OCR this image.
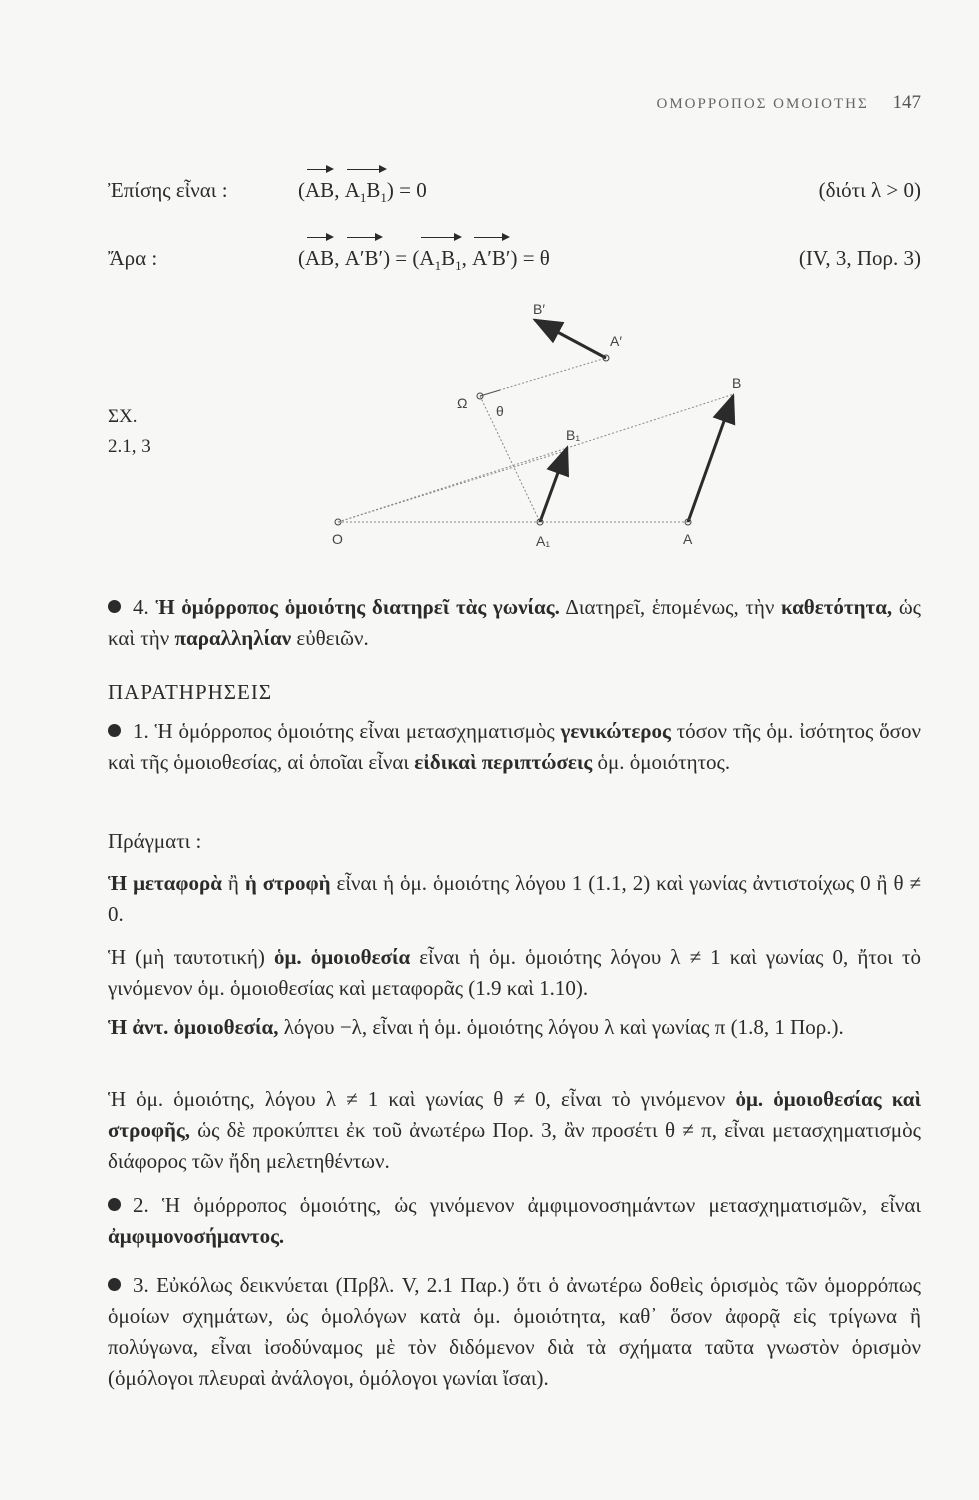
ΟΜΟΡΡΟΠΟΣ ΟΜΟΙΟΤΗΣ 147
Ἐπίσης εἶναι :	(AB, $A_1B_1) = 0$	(διότι λ > 0)
Ἄρα :	(AB, $A'B') = (A_1B_1$, A′B′) = θ	(IV, 3, Πορ. 3)
ΣΧ.
2.1, 3
O	A
A₁
B
B₁
A′
B′
Ω θ
4. Ἡ ὁμόρροπος ὁμοιότης διατηρεῖ τὰς γωνίας. Διατηρεῖ, ἑπομένως, τὴν καθετότητα, ὡς καὶ τὴν παραλληλίαν εὐθειῶν.
ΠΑΡΑΤΗΡΗΣΕΙΣ
1. Ἡ ὁμόρροπος ὁμοιότης εἶναι μετασχηματισμὸς γενικώτερος τόσον τῆς ὁμ. ἰσότητος ὅσον καὶ τῆς ὁμοιοθεσίας, αἱ ὁποῖαι εἶναι εἰδικαὶ περιπτώσεις ὁμ. ὁμοιότητος.
Πράγματι :
Ἡ μεταφορὰ ἢ ἡ στροφὴ εἶναι ἡ ὁμ. ὁμοιότης λόγου 1 (1.1, 2) καὶ γωνίας ἀντιστοίχως 0 ἢ θ ≠ 0.
Ἡ (μὴ ταυτοτική) ὁμ. ὁμοιοθεσία εἶναι ἡ ὁμ. ὁμοιότης λόγου λ ≠ 1 καὶ γωνίας 0, ἤτοι τὸ γινόμενον ὁμ. ὁμοιοθεσίας καὶ μεταφορᾶς (1.9 καὶ 1.10).
Ἡ ἀντ. ὁμοιοθεσία, λόγου −λ, εἶναι ἡ ὁμ. ὁμοιότης λόγου λ καὶ γωνίας π (1.8, 1 Πορ.).
Ἡ ὁμ. ὁμοιότης, λόγου λ ≠ 1 καὶ γωνίας θ ≠ 0, εἶναι τὸ γινόμενον ὁμ. ὁμοιοθεσίας καὶ στροφῆς, ὡς δὲ προκύπτει ἐκ τοῦ ἀνωτέρω Πορ. 3, ἂν προσέτι θ ≠ π, εἶναι μετασχηματισμὸς διάφορος τῶν ἤδη μελετηθέντων.
2. Ἡ ὁμόρροπος ὁμοιότης, ὡς γινόμενον ἀμφιμονοσημάντων μετασχηματισμῶν, εἶναι ἀμφιμονοσήμαντος.
3. Εὐκόλως δεικνύεται (Πρβλ. V, 2.1 Παρ.) ὅτι ὁ ἀνωτέρω δοθεὶς ὁρισμὸς τῶν ὁμορρόπως ὁμοίων σχημάτων, ὡς ὁμολόγων κατὰ ὁμ. ὁμοιότητα, καθ᾽ ὅσον ἀφορᾷ εἰς τρίγωνα ἢ πολύγωνα, εἶναι ἰσοδύναμος μὲ τὸν διδόμενον διὰ τὰ σχήματα ταῦτα γνωστὸν ὁρισμὸν (ὁμόλογοι πλευραὶ ἀνάλογοι, ὁμόλογοι γωνίαι ἴσαι).
